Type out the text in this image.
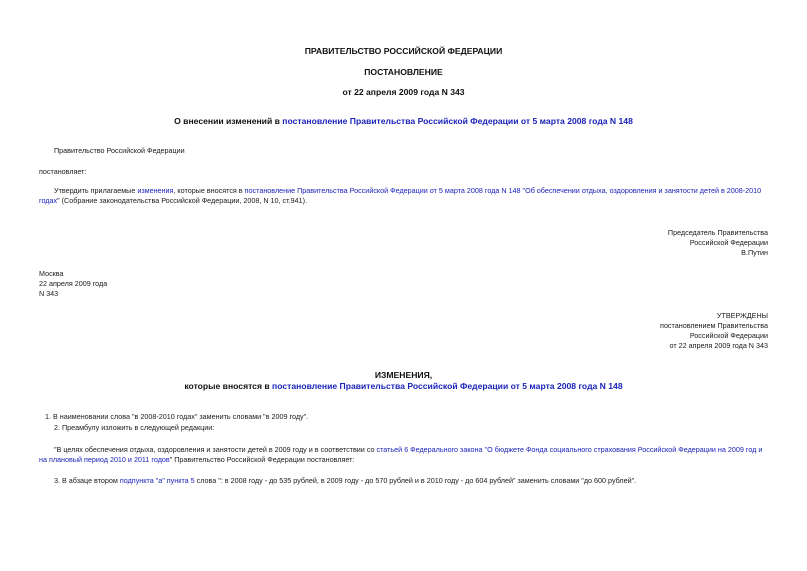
ПРАВИТЕЛЬСТВО РОССИЙСКОЙ ФЕДЕРАЦИИ
ПОСТАНОВЛЕНИЕ
от 22 апреля 2009 года N 343
О внесении изменений в постановление Правительства Российской Федерации от 5 марта 2008 года N 148
Правительство Российской Федерации
постановляет:
Утвердить прилагаемые изменения, которые вносятся в постановление Правительства Российской Федерации от 5 марта 2008 года N 148 "Об обеспечении отдыха, оздоровления и занятости детей в 2008-2010
годах" (Собрание законодательства Российской Федерации, 2008, N 10, ст.941).
Председатель Правительства
Российской Федерации
В.Путин
Москва
22 апреля 2009 года
N 343
УТВЕРЖДЕНЫ
постановлением Правительства
Российской Федерации
от 22 апреля 2009 года N 343
ИЗМЕНЕНИЯ,
которые вносятся в постановление Правительства Российской Федерации от 5 марта 2008 года N 148
1. В наименовании слова "в 2008-2010 годах" заменить словами "в 2009 году".
2. Преамбулу изложить в следующей редакции:
"В целях обеспечения отдыха, оздоровления и занятости детей в 2009 году и в соответствии со статьей 6 Федерального закона "О бюджете Фонда социального страхования Российской Федерации на 2009 год и
на плановый период 2010 и 2011 годов" Правительство Российской Федерации постановляет:
3. В абзаце втором подпункта "а" пункта 5 слова ": в 2008 году - до 535 рублей, в 2009 году - до 570 рублей и в 2010 году - до 604 рублей" заменить словами "до 600 рублей".
